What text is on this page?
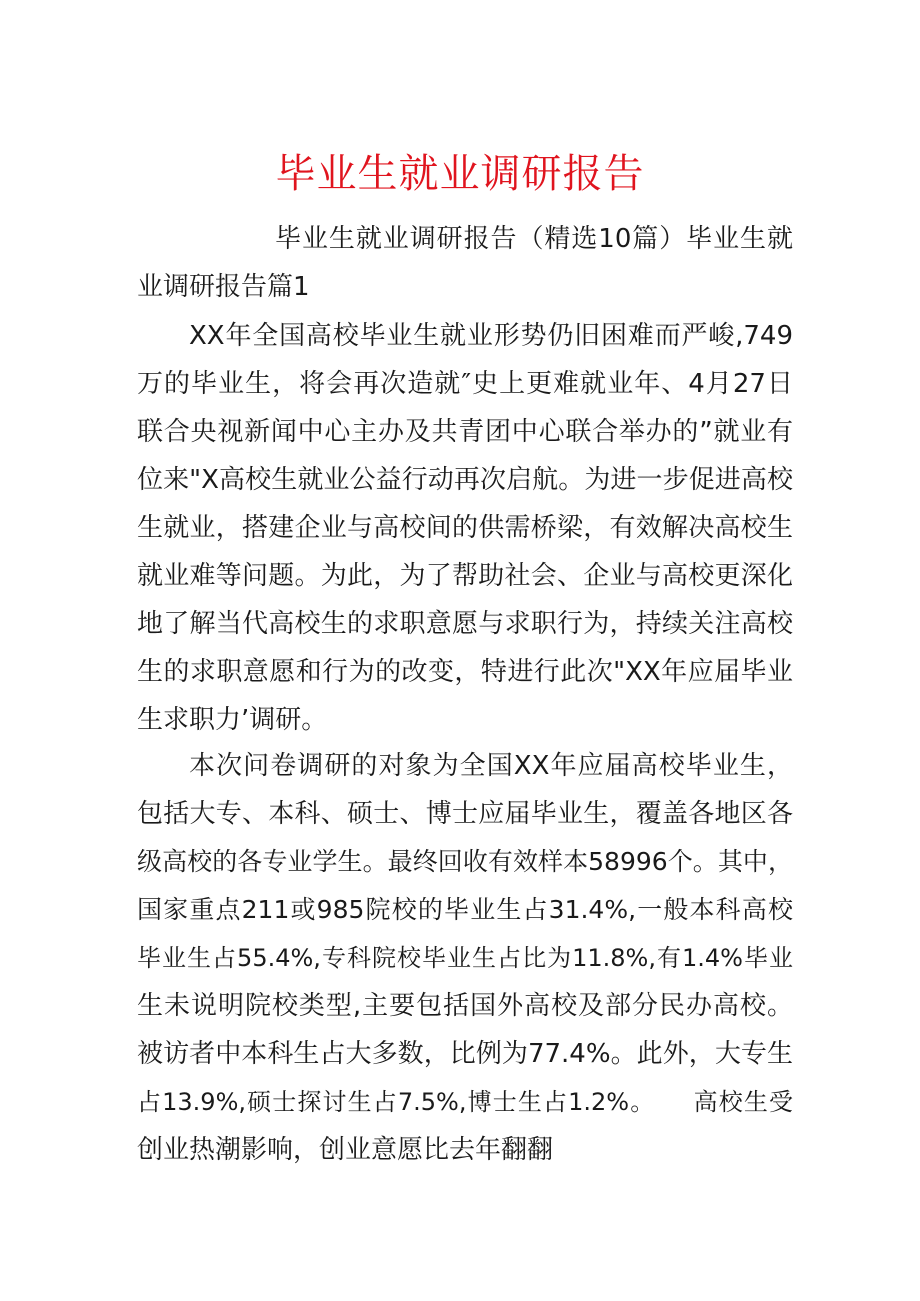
毕业生就业调研报告
毕业生就业调研报告（精选10篇）毕业生就
业调研报告篇1
XX年全国高校毕业生就业形势仍旧困难而严峻,749
万的毕业生，将会再次造就″史上更难就业年、4月27日
联合央视新闻中心主办及共青团中心联合举办的”就业有
位来"X高校生就业公益行动再次启航。为进一步促进高校
生就业，搭建企业与高校间的供需桥梁，有效解决高校生
就业难等问题。为此，为了帮助社会、企业与高校更深化
地了解当代高校生的求职意愿与求职行为，持续关注高校
生的求职意愿和行为的改变，特进行此次"XX年应届毕业
生求职力’调研。
本次问卷调研的对象为全国XX年应届高校毕业生，
包括大专、本科、硕士、博士应届毕业生，覆盖各地区各
级高校的各专业学生。最终回收有效样本58996个。其中，
国家重点211或985院校的毕业生占31.4%,一般本科高校
毕业生占55.4%,专科院校毕业生占比为11.8%,有1.4%毕业
生未说明院校类型,主要包括国外高校及部分民办高校。
被访者中本科生占大多数，比例为77.4%。此外，大专生
占13.9%,硕士探讨生占7.5%,博士生占1.2%。　　高校生受
创业热潮影响，创业意愿比去年翻翻
